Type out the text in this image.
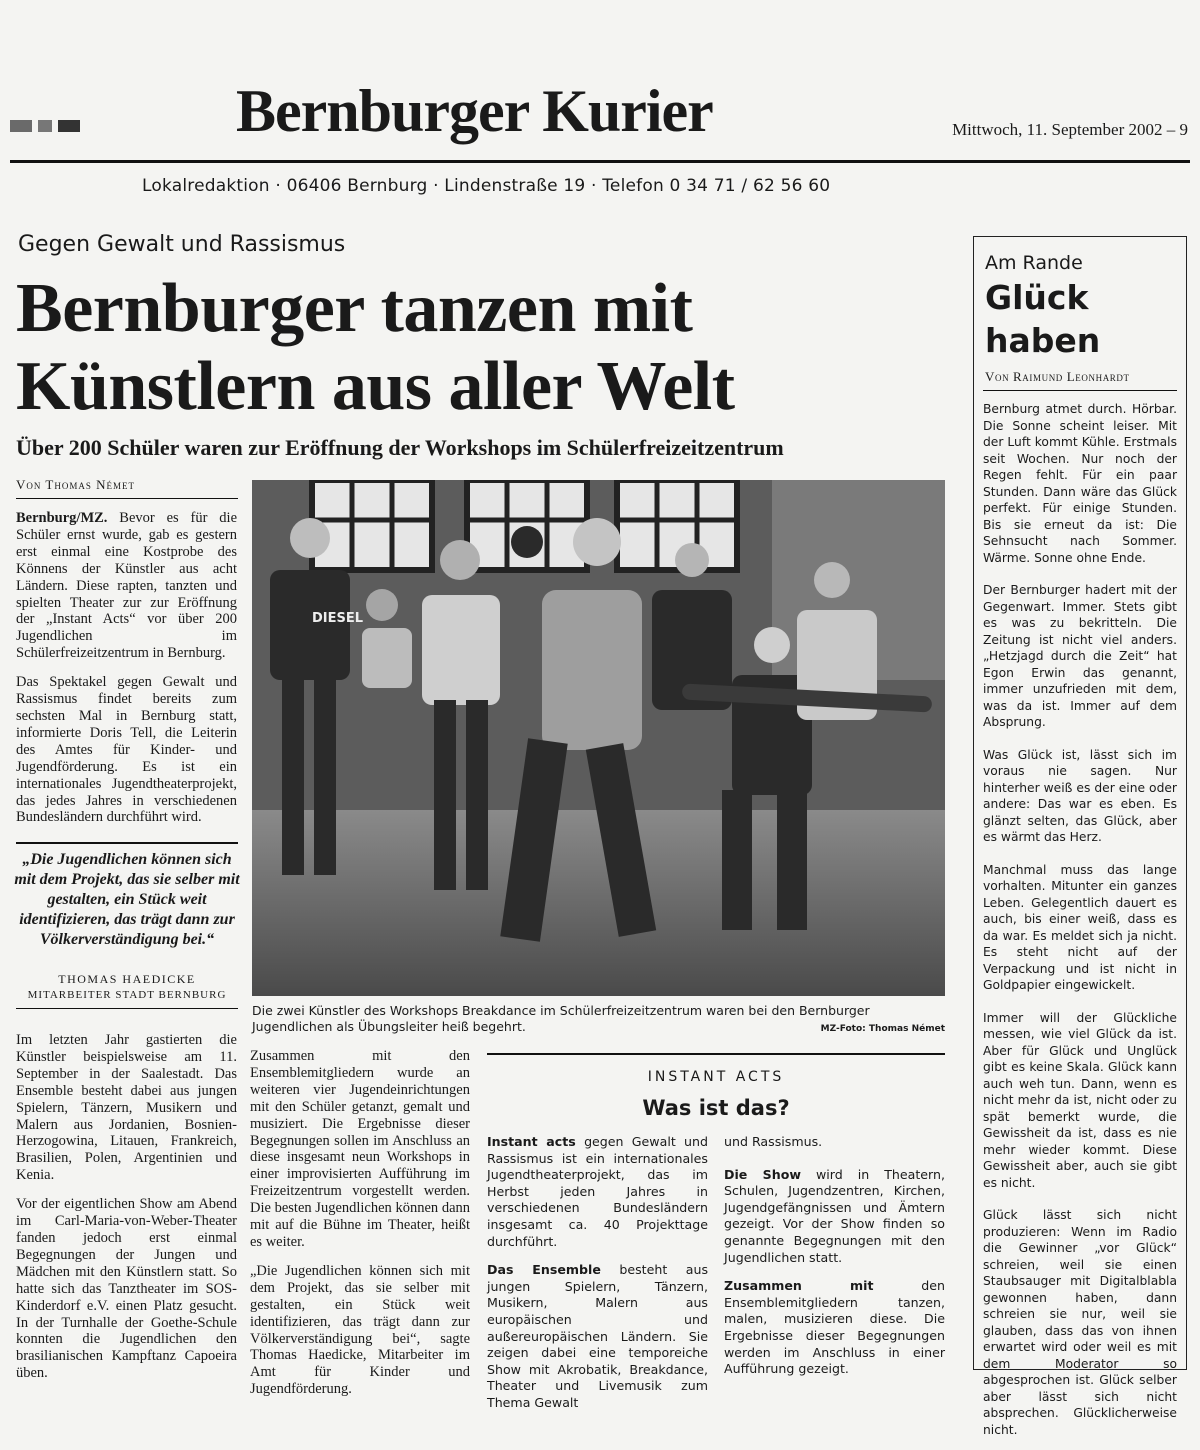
Bernburger Kurier	Mittwoch, 11. September 2002 – 9
Lokalredaktion · 06406 Bernburg · Lindenstraße 19 · Telefon 0 34 71 / 62 56 60
Gegen Gewalt und Rassismus
Bernburger tanzen mit
Künstlern aus aller Welt
Über 200 Schüler waren zur Eröffnung der Workshops im Schülerfreizeitzentrum
Von Thomas Német

Bernburg/MZ. Bevor es für die Schüler ernst wurde, gab es gestern erst einmal eine Kostprobe des Könnens der Künstler aus acht Ländern. Diese rapten, tanzten und spielten Theater zur zur Eröffnung der „Instant Acts“ vor über 200 Jugendlichen im Schülerfreizeitzentrum in Bernburg.

Das Spektakel gegen Gewalt und Rassismus findet bereits zum sechsten Mal in Bernburg statt, informierte Doris Tell, die Leiterin des Amtes für Kinder- und Jugendförderung. Es ist ein internationales Jugendtheaterprojekt, das jedes Jahres in verschiedenen Bundesländern durchführt wird.

„Die Jugendlichen können sich mit dem Projekt, das sie selber mit gestalten, ein Stück weit identifizieren, das trägt dann zur Völkerverständigung bei.“
THOMAS HAEDICKE
MITARBEITER STADT BERNBURG

Im letzten Jahr gastierten die Künstler beispielsweise am 11. September in der Saalestadt. Das Ensemble besteht dabei aus jungen Spielern, Tänzern, Musikern und Malern aus Jordanien, Bosnien-Herzogowina, Litauen, Frankreich, Brasilien, Polen, Argentinien und Kenia.

Vor der eigentlichen Show am Abend im Carl-Maria-von-Weber-Theater fanden jedoch erst einmal Begegnungen der Jungen und Mädchen mit den Künstlern statt. So hatte sich das Tanztheater im SOS-Kinderdorf e.V. einen Platz gesucht. In der Turnhalle der Goethe-Schule konnten die Jugendlichen den brasilianischen Kampftanz Capoeira üben.

DIESEL
Die zwei Künstler des Workshops Breakdance im Schülerfreizeitzentrum waren bei den Bernburger Jugendlichen als Übungsleiter heiß begehrt.	MZ-Foto: Thomas Német

Zusammen mit den Ensemblemitgliedern wurde an weiteren vier Jugendeinrichtungen mit den Schüler getanzt, gemalt und musiziert. Die Ergebnisse dieser Begegnungen sollen im Anschluss an diese insgesamt neun Workshops in einer improvisierten Aufführung im Freizeitzentrum vorgestellt werden. Die besten Jugendlichen können dann mit auf die Bühne im Theater, heißt es weiter.

„Die Jugendlichen können sich mit dem Projekt, das sie selber mit gestalten, ein Stück weit identifizieren, das trägt dann zur Völkerverständigung bei“, sagte Thomas Haedicke, Mitarbeiter im Amt für Kinder und Jugendförderung.

INSTANT ACTS
Was ist das?

Instant acts gegen Gewalt und Rassismus ist ein internationales Jugendtheaterprojekt, das im Herbst jeden Jahres in verschiedenen Bundesländern insgesamt ca. 40 Projekttage durchführt.

Das Ensemble besteht aus jungen Spielern, Tänzern, Musikern, Malern aus europäischen und außereuropäischen Ländern. Sie zeigen dabei eine temporeiche Show mit Akrobatik, Breakdance, Theater und Livemusik zum Thema Gewalt

und Rassismus.

Die Show wird in Theatern, Schulen, Jugendzentren, Kirchen, Jugendgefängnissen und Ämtern gezeigt. Vor der Show finden so genannte Begegnungen mit den Jugendlichen statt.

Zusammen mit den Ensemblemitgliedern tanzen, malen, musizieren diese. Die Ergebnisse dieser Begegnungen werden im Anschluss in einer Aufführung gezeigt.

Am Rande
Glück
haben
Von Raimund Leonhardt

Bernburg atmet durch. Hörbar. Die Sonne scheint leiser. Mit der Luft kommt Kühle. Erstmals seit Wochen. Nur noch der Regen fehlt. Für ein paar Stunden. Dann wäre das Glück perfekt. Für einige Stunden. Bis sie erneut da ist: Die Sehnsucht nach Sommer. Wärme. Sonne ohne Ende.

Der Bernburger hadert mit der Gegenwart. Immer. Stets gibt es was zu bekritteln. Die Zeitung ist nicht viel anders. „Hetzjagd durch die Zeit“ hat Egon Erwin das genannt, immer unzufrieden mit dem, was da ist. Immer auf dem Absprung.

Was Glück ist, lässt sich im voraus nie sagen. Nur hinterher weiß es der eine oder andere: Das war es eben. Es glänzt selten, das Glück, aber es wärmt das Herz.

Manchmal muss das lange vorhalten. Mitunter ein ganzes Leben. Gelegentlich dauert es auch, bis einer weiß, dass es da war. Es meldet sich ja nicht. Es steht nicht auf der Verpackung und ist nicht in Goldpapier eingewickelt.

Immer will der Glückliche messen, wie viel Glück da ist. Aber für Glück und Unglück gibt es keine Skala. Glück kann auch weh tun. Dann, wenn es nicht mehr da ist, nicht oder zu spät bemerkt wurde, die Gewissheit da ist, dass es nie mehr wieder kommt. Diese Gewissheit aber, auch sie gibt es nicht.

Glück lässt sich nicht produzieren: Wenn im Radio die Gewinner „vor Glück“ schreien, weil sie einen Staubsauger mit Digitalblabla gewonnen haben, dann schreien sie nur, weil sie glauben, dass das von ihnen erwartet wird oder weil es mit dem Moderator so abgesprochen ist. Glück selber aber lässt sich nicht absprechen. Glücklicherweise nicht.
